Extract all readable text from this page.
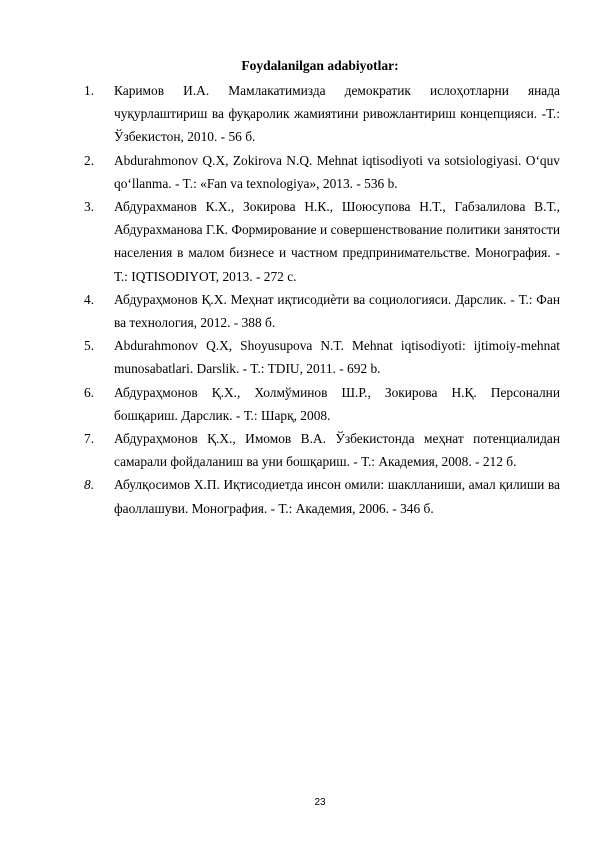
Foydalanilgan adabiyotlar:
1.	Каримов И.А. Мамлакатимизда демократик ислоҳотларни янада чуқурлаштириш ва фуқаролик жамиятини ривожлантириш концепцияси. -Т.: Ўзбекистон, 2010. - 56 б.
2.	Abdurahmonov Q.X, Zokirova N.Q. Mehnat iqtisodiyoti va sotsiologiyasi. O‘quv qo‘llanma. - T.: «Fan va texnologiya», 2013. - 536 b.
3.	Абдурахманов К.Х., Зокирова Н.К., Шоюсупова Н.Т., Габзалилова В.Т., Абдурахманова Г.К. Формирование и совершенствование политики занятости населения в малом бизнесе и частном предпринимательстве. Монография. - Т.: IQTISODIYOT, 2013. - 272 с.
4.	Абдураҳмонов Қ.Х. Меҳнат иқтисодиѐти ва социологияси. Дарслик. - Т.: Фан ва технология, 2012. - 388 б.
5.	Abdurahmonov Q.X, Shoyusupova N.T. Mehnat iqtisodiyoti: ijtimoiy-mehnat munosabatlari. Darslik. - T.: TDIU, 2011. - 692 b.
6.	Абдураҳмонов Қ.Х., Холмўминов Ш.Р., Зокирова Н.Қ. Персонални бошқариш. Дарслик. - Т.: Шарқ, 2008.
7.	Абдураҳмонов Қ.Х., Имомов В.А. Ўзбекистонда меҳнат потенциалидан самарали фойдаланиш ва уни бошқариш. - Т.: Академия, 2008. - 212 б.
8.	Абулқосимов Х.П. Иқтисодиетда инсон омили: шаклланиши, амал қилиши ва фаоллашуви. Монография. - Т.: Академия, 2006. - 346 б.
23
